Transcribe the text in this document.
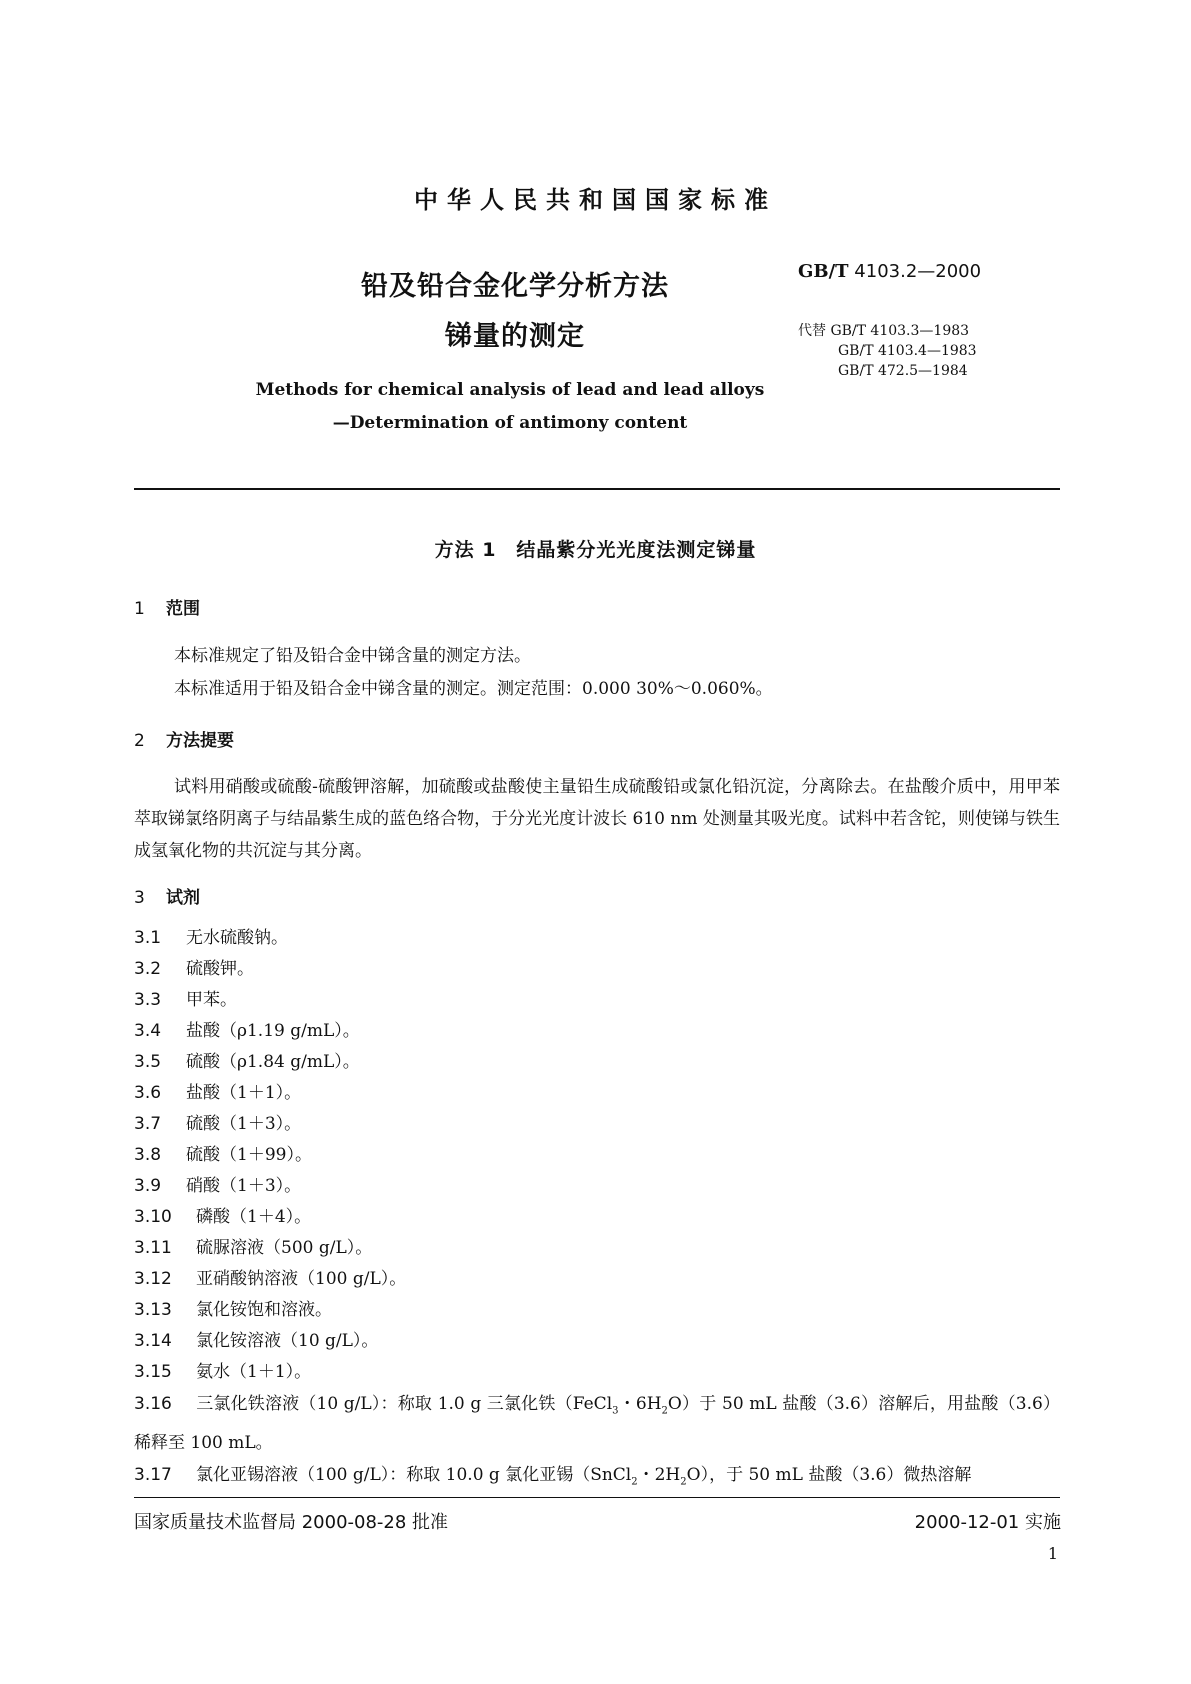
中华人民共和国国家标准
铅及铅合金化学分析方法
锑量的测定
GB/T 4103.2—2000
代替 GB/T 4103.3—1983
GB/T 4103.4—1983
GB/T 472.5—1984
Methods for chemical analysis of lead and lead alloys
—Determination of antimony content
方法 1　结晶紫分光光度法测定锑量
1 范围
本标准规定了铅及铅合金中锑含量的测定方法。
本标准适用于铅及铅合金中锑含量的测定。测定范围：0.000 30%～0.060%。
2 方法提要
试料用硝酸或硫酸-硫酸钾溶解，加硫酸或盐酸使主量铅生成硫酸铅或氯化铅沉淀，分离除去。在盐酸介质中，用甲苯萃取锑氯络阴离子与结晶紫生成的蓝色络合物，于分光光度计波长 610 nm 处测量其吸光度。试料中若含铊，则使锑与铁生成氢氧化物的共沉淀与其分离。
3 试剂
3.1 无水硫酸钠。
3.2 硫酸钾。
3.3 甲苯。
3.4 盐酸（ρ1.19 g/mL）。
3.5 硫酸（ρ1.84 g/mL）。
3.6 盐酸（1＋1）。
3.7 硫酸（1＋3）。
3.8 硫酸（1＋99）。
3.9 硝酸（1＋3）。
3.10 磷酸（1＋4）。
3.11 硫脲溶液（500 g/L）。
3.12 亚硝酸钠溶液（100 g/L）。
3.13 氯化铵饱和溶液。
3.14 氯化铵溶液（10 g/L）。
3.15 氨水（1＋1）。
3.16 三氯化铁溶液（10 g/L）：称取 1.0 g 三氯化铁（FeCl$_3$・$6H_2O$）于 50 mL 盐酸（3.6）溶解后，用盐酸（3.6）稀释至 100 mL。
3.17 氯化亚锡溶液（100 g/L）：称取 10.0 g 氯化亚锡（SnCl$_2$・$2H_2O$），于 50 mL 盐酸（3.6）微热溶解
国家质量技术监督局 2000-08-28 批准	2000-12-01 实施
1
